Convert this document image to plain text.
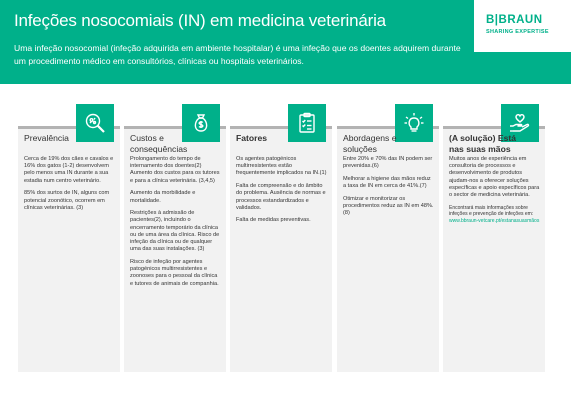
Infeções nosocomiais (IN) em medicina veterinária
Uma infeção nosocomial (infeção adquirida em ambiente hospitalar) é uma infeção que os doentes adquirem durante um procedimento médico em consultórios, clínicas ou hospitais veterinários.
B|BRAUN
SHARING EXPERTISE
Prevalência

Cerca de 19% dos cães e cavalos e 16% dos gatos (1-2) desenvolvem pelo menos uma IN durante a sua estadia num centro veterinário.

85% dos surtos de IN, alguns com potencial zoonótico, ocorrem em clínicas veterinárias. (3)

Custos e consequências

Prolongamento do tempo de internamento dos doentes(2) Aumento dos custos para os tutores e para a clínica veterinária. (3,4,5)

Aumento da morbilidade e mortalidade.

Restrições à admissão de pacientes(2), incluindo o encerramento temporário da clínica ou de uma área da clínica. Risco de infeção da clínica ou de qualquer uma das suas instalações. (3)

Risco de infeção por agentes patogénicos multirresistentes e zoonoses para o pessoal da clínica e tutores de animais de companhia.

Fatores

Os agentes patogénicos multirresistentes estão frequentemente implicados na IN.(1)

Falta de compreensão e do âmbito do problema. Ausência de normas e processos estandardizados e validados.

Falta de medidas preventivas.

Abordagens e soluções

Entre 20% e 70% das IN podem ser prevenidas.(6)

Melhorar a higiene das mãos reduz a taxa de IN em cerca de 41%.(7)

Otimizar e monitorizar os procedimentos reduz as IN em 48%.(8)

(A solução) Está nas suas mãos

Muitos anos de experiência em consultoria de processos e desenvolvimento de produtos ajudam-nos a oferecer soluções específicas e apoio específicos para o sector de medicina veterinária.

Encontrará mais informações sobre infeções e prevenção de infeções em:

www.bbraun-vetcare.pt/estanasuasmãos
